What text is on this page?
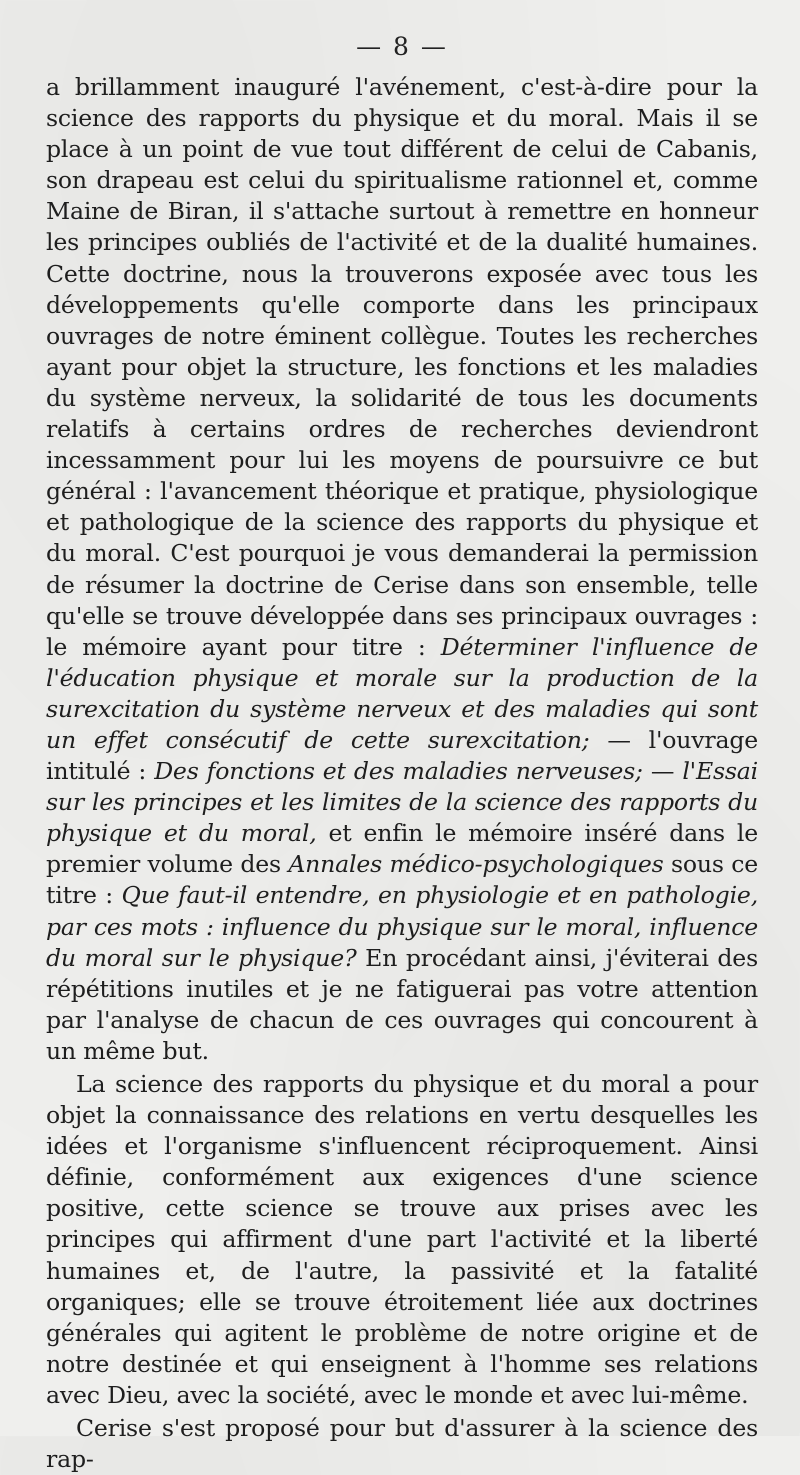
— 8 —

a brillamment inauguré l'avénement, c'est-à-dire pour la science des rapports du physique et du moral. Mais il se place à un point de vue tout différent de celui de Cabanis, son drapeau est celui du spiritualisme rationnel et, comme Maine de Biran, il s'attache surtout à remettre en honneur les principes oubliés de l'activité et de la dualité humaines. Cette doctrine, nous la trouverons exposée avec tous les développements qu'elle comporte dans les principaux ouvrages de notre éminent collègue. Toutes les recherches ayant pour objet la structure, les fonctions et les maladies du système nerveux, la solidarité de tous les documents relatifs à certains ordres de recherches deviendront incessamment pour lui les moyens de poursuivre ce but général : l'avancement théorique et pratique, physiologique et pathologique de la science des rapports du physique et du moral. C'est pourquoi je vous demanderai la permission de résumer la doctrine de Cerise dans son ensemble, telle qu'elle se trouve développée dans ses principaux ouvrages : le mémoire ayant pour titre : Déterminer l'influence de l'éducation physique et morale sur la production de la surexcitation du système nerveux et des maladies qui sont un effet consécutif de cette surexcitation; — l'ouvrage intitulé : Des fonctions et des maladies nerveuses; — l'Essai sur les principes et les limites de la science des rapports du physique et du moral, et enfin le mémoire inséré dans le premier volume des Annales médico-psychologiques sous ce titre : Que faut-il entendre, en physiologie et en pathologie, par ces mots : influence du physique sur le moral, influence du moral sur le physique? En procédant ainsi, j'éviterai des répétitions inutiles et je ne fatiguerai pas votre attention par l'analyse de chacun de ces ouvrages qui concourent à un même but.

La science des rapports du physique et du moral a pour objet la connaissance des relations en vertu desquelles les idées et l'organisme s'influencent réciproquement. Ainsi définie, conformément aux exigences d'une science positive, cette science se trouve aux prises avec les principes qui affirment d'une part l'activité et la liberté humaines et, de l'autre, la passivité et la fatalité organiques; elle se trouve étroitement liée aux doctrines générales qui agitent le problème de notre origine et de notre destinée et qui enseignent à l'homme ses relations avec Dieu, avec la société, avec le monde et avec lui-même.

Cerise s'est proposé pour but d'assurer à la science des rap-
